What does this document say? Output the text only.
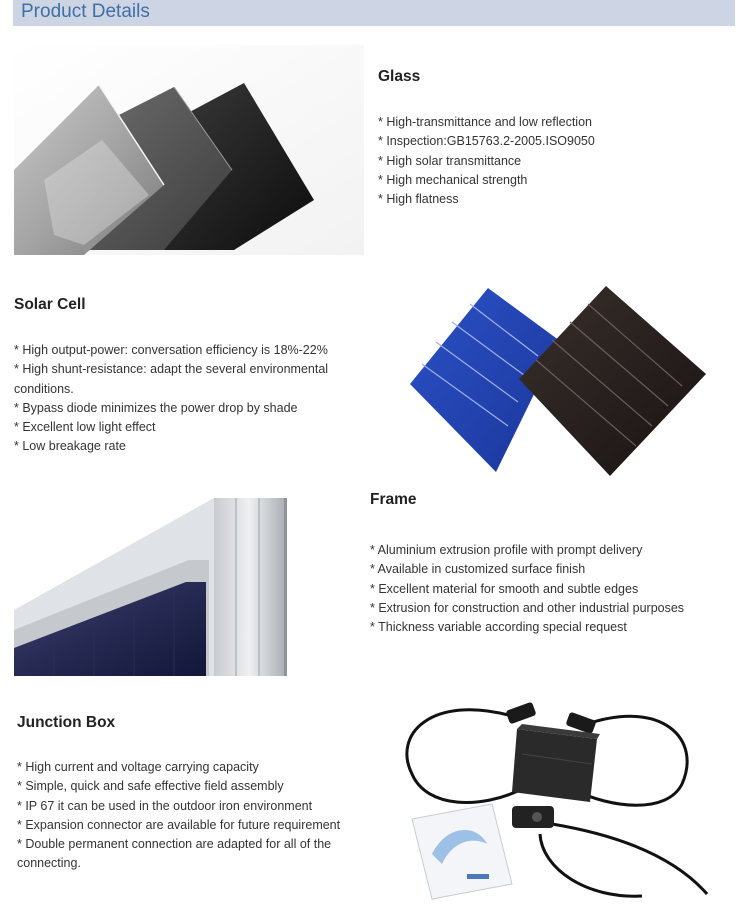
Product Details
Glass
* High-transmittance and low reflection
* Inspection:GB15763.2-2005.ISO9050
* High solar transmittance
* High mechanical strength
* High flatness
Solar Cell
* High output-power: conversation efficiency is 18%-22%
* High shunt-resistance: adapt the several environmental conditions.
* Bypass diode minimizes the power drop by shade
* Excellent low light effect
* Low breakage rate
Frame
* Aluminium extrusion profile with prompt delivery
* Available in customized surface finish
* Excellent material for smooth and subtle edges
* Extrusion for construction and other industrial purposes
* Thickness variable according special request
Junction Box
* High current and voltage carrying capacity
* Simple, quick and safe effective field assembly
* IP 67 it can be used in the outdoor iron environment
* Expansion connector are available for future requirement
* Double permanent connection are adapted for all of the connecting.
